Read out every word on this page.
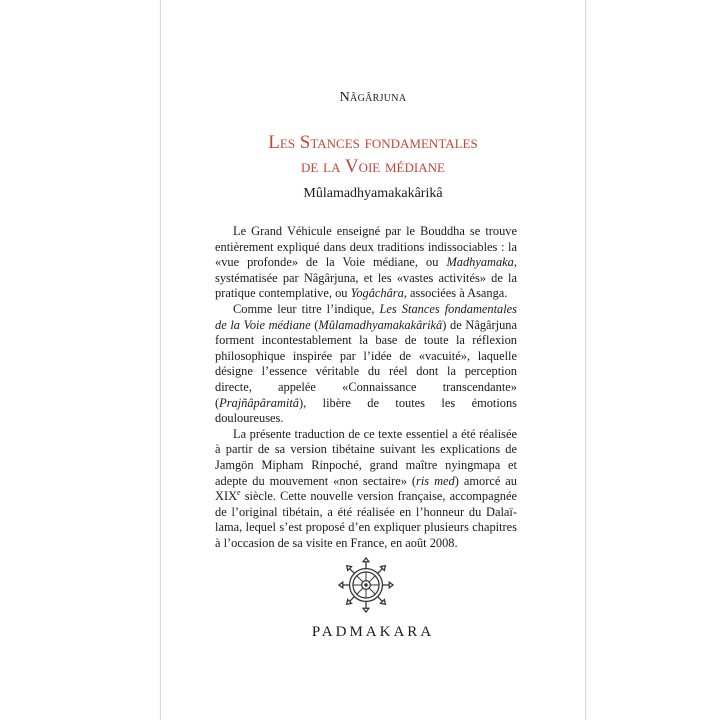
Nâgârjuna
Les Stances fondamentales
de la Voie médiane
Mûlamadhyamakakârikâ

Le Grand Véhicule enseigné par le Bouddha se trouve entièrement expliqué dans deux traditions indissociables : la «vue profonde» de la Voie médiane, ou Madhyamaka, systématisée par Nâgârjuna, et les «vastes activités» de la pratique contemplative, ou Yogâchâra, associées à Asanga.

Comme leur titre l’indique, Les Stances fondamentales de la Voie médiane (Mûlamadhyamakakârikâ) de Nâgârjuna forment incontestablement la base de toute la réflexion philosophique inspirée par l’idée de «vacuité», laquelle désigne l’essence véritable du réel dont la perception directe, appelée «Connaissance transcendante» (Prajñâpâramitâ), libère de toutes les émotions douloureuses.

La présente traduction de ce texte essentiel a été réalisée à partir de sa version tibétaine suivant les explications de Jamgön Mipham Rinpoché, grand maître nyingmapa et adepte du mouvement «non sectaire» (ris med) amorcé au XIXe siècle. Cette nouvelle version française, accompagnée de l’original tibétain, a été réalisée en l’honneur du Dalaï-lama, lequel s’est proposé d’en expliquer plusieurs chapitres à l’occasion de sa visite en France, en août 2008.

PADMAKARA
